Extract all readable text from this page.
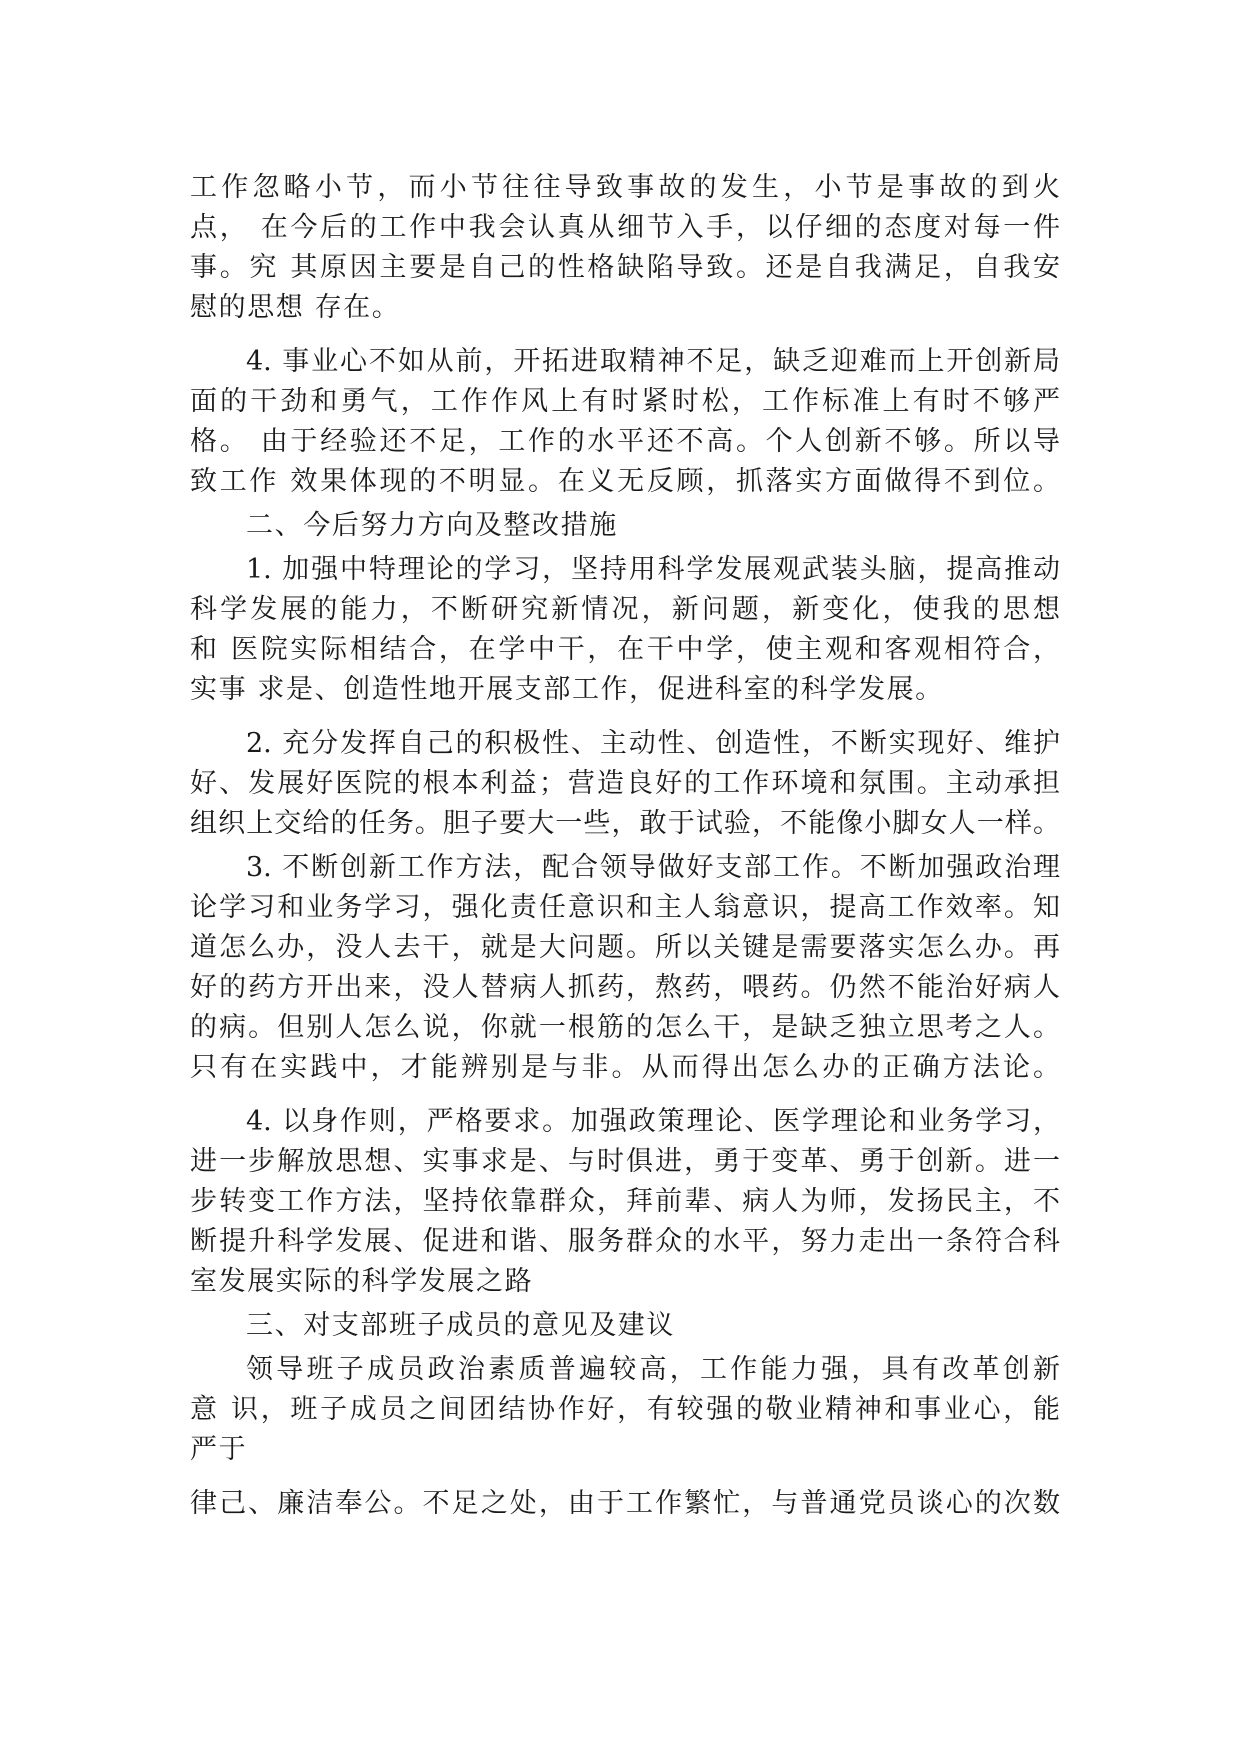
工作忽略小节，而小节往往导致事故的发生，小节是事故的到火
点， 在今后的工作中我会认真从细节入手，以仔细的态度对每一件
事。究 其原因主要是自己的性格缺陷导致。还是自我满足，自我安
慰的思想 存在。
4. 事业心不如从前，开拓进取精神不足，缺乏迎难而上开创新局
面的干劲和勇气，工作作风上有时紧时松，工作标准上有时不够严
格。 由于经验还不足，工作的水平还不高。个人创新不够。所以导
致工作 效果体现的不明显。在义无反顾，抓落实方面做得不到位。
二、今后努力方向及整改措施
1. 加强中特理论的学习，坚持用科学发展观武装头脑，提高推动
科学发展的能力，不断研究新情况，新问题，新变化，使我的思想
和 医院实际相结合，在学中干，在干中学，使主观和客观相符合，
实事 求是、创造性地开展支部工作，促进科室的科学发展。
2. 充分发挥自己的积极性、主动性、创造性，不断实现好、维护
好、发展好医院的根本利益；营造良好的工作环境和氛围。主动承担
组织上交给的任务。胆子要大一些，敢于试验，不能像小脚女人一样。
3. 不断创新工作方法，配合领导做好支部工作。不断加强政治理
论学习和业务学习，强化责任意识和主人翁意识，提高工作效率。知
道怎么办，没人去干，就是大问题。所以关键是需要落实怎么办。再
好的药方开出来，没人替病人抓药，熬药，喂药。仍然不能治好病人
的病。但别人怎么说，你就一根筋的怎么干，是缺乏独立思考之人。
只有在实践中，才能辨别是与非。从而得出怎么办的正确方法论。
4. 以身作则，严格要求。加强政策理论、医学理论和业务学习，
进一步解放思想、实事求是、与时俱进，勇于变革、勇于创新。进一
步转变工作方法，坚持依靠群众，拜前辈、病人为师，发扬民主，不
断提升科学发展、促进和谐、服务群众的水平，努力走出一条符合科
室发展实际的科学发展之路
三、对支部班子成员的意见及建议
领导班子成员政治素质普遍较高，工作能力强，具有改革创新
意 识，班子成员之间团结协作好，有较强的敬业精神和事业心，能
严于
律己、廉洁奉公。不足之处，由于工作繁忙，与普通党员谈心的次数
